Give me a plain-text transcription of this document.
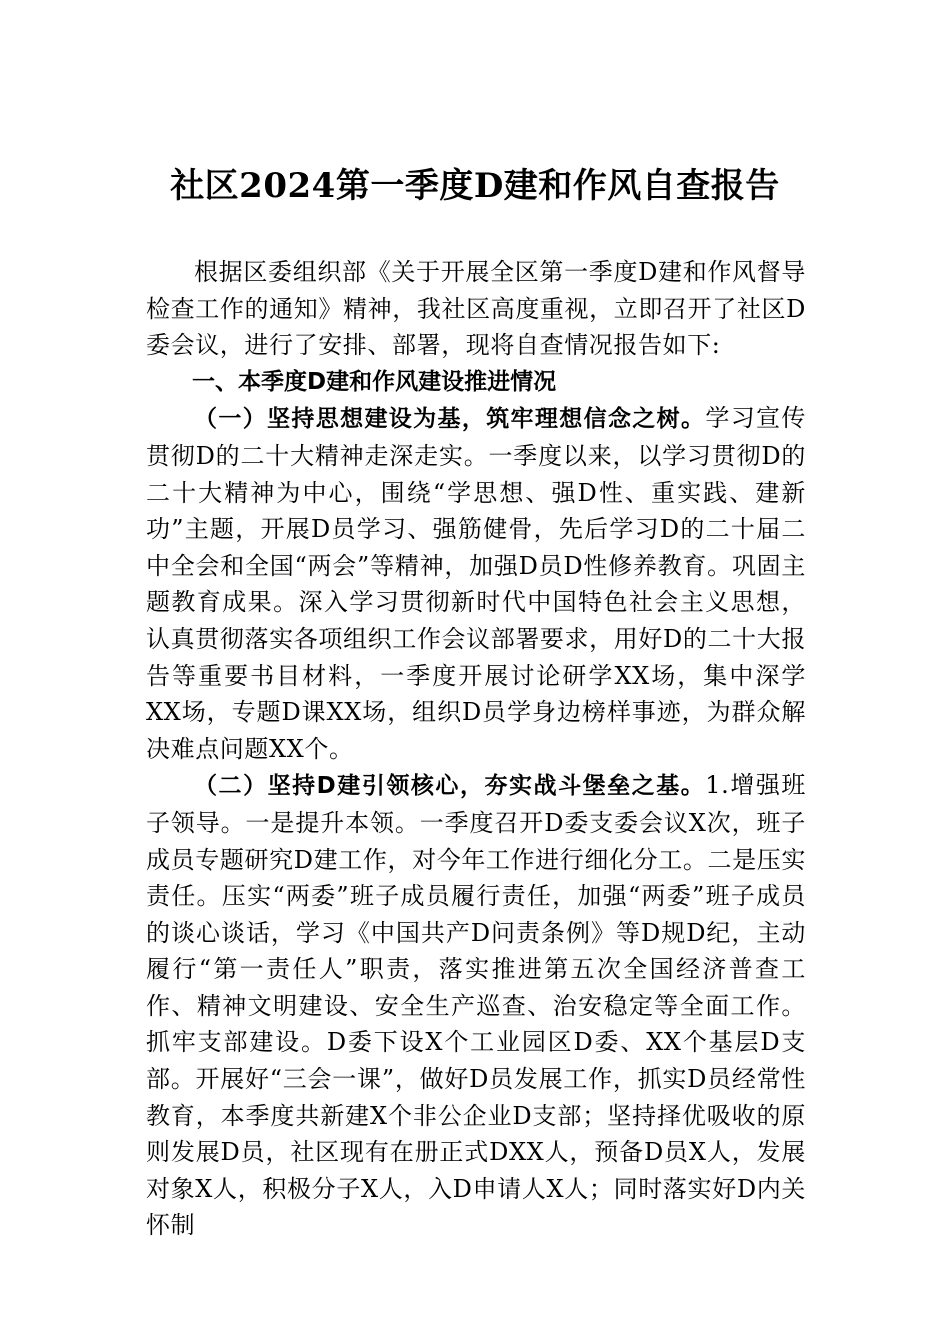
社区2024第一季度D建和作风自查报告

根据区委组织部《关于开展全区第一季度D建和作风督导检查工作的通知》精神，我社区高度重视，立即召开了社区D委会议，进行了安排、部署，现将自查情况报告如下:

一、本季度D建和作风建设推进情况

（一）坚持思想建设为基，筑牢理想信念之树。学习宣传贯彻D的二十大精神走深走实。一季度以来，以学习贯彻D的二十大精神为中心，围绕“学思想、强D性、重实践、建新功”主题，开展D员学习、强筋健骨，先后学习D的二十届二中全会和全国“两会”等精神，加强D员D性修养教育。巩固主题教育成果。深入学习贯彻新时代中国特色社会主义思想，认真贯彻落实各项组织工作会议部署要求，用好D的二十大报告等重要书目材料，一季度开展讨论研学XX场，集中深学XX场，专题D课XX场，组织D员学身边榜样事迹，为群众解决难点问题XX个。

（二）坚持D建引领核心，夯实战斗堡垒之基。1.增强班子领导。一是提升本领。一季度召开D委支委会议X次，班子成员专题研究D建工作，对今年工作进行细化分工。二是压实责任。压实“两委”班子成员履行责任，加强“两委”班子成员的谈心谈话，学习《中国共产D问责条例》等D规D纪，主动履行“第一责任人”职责，落实推进第五次全国经济普查工作、精神文明建设、安全生产巡查、治安稳定等全面工作。抓牢支部建设。D委下设X个工业园区D委、XX个基层D支部。开展好“三会一课”，做好D员发展工作，抓实D员经常性教育，本季度共新建X个非公企业D支部；坚持择优吸收的原则发展D员，社区现有在册正式DXX人，预备D员X人，发展对象X人，积极分子X人，入D申请人X人；同时落实好D内关怀制
